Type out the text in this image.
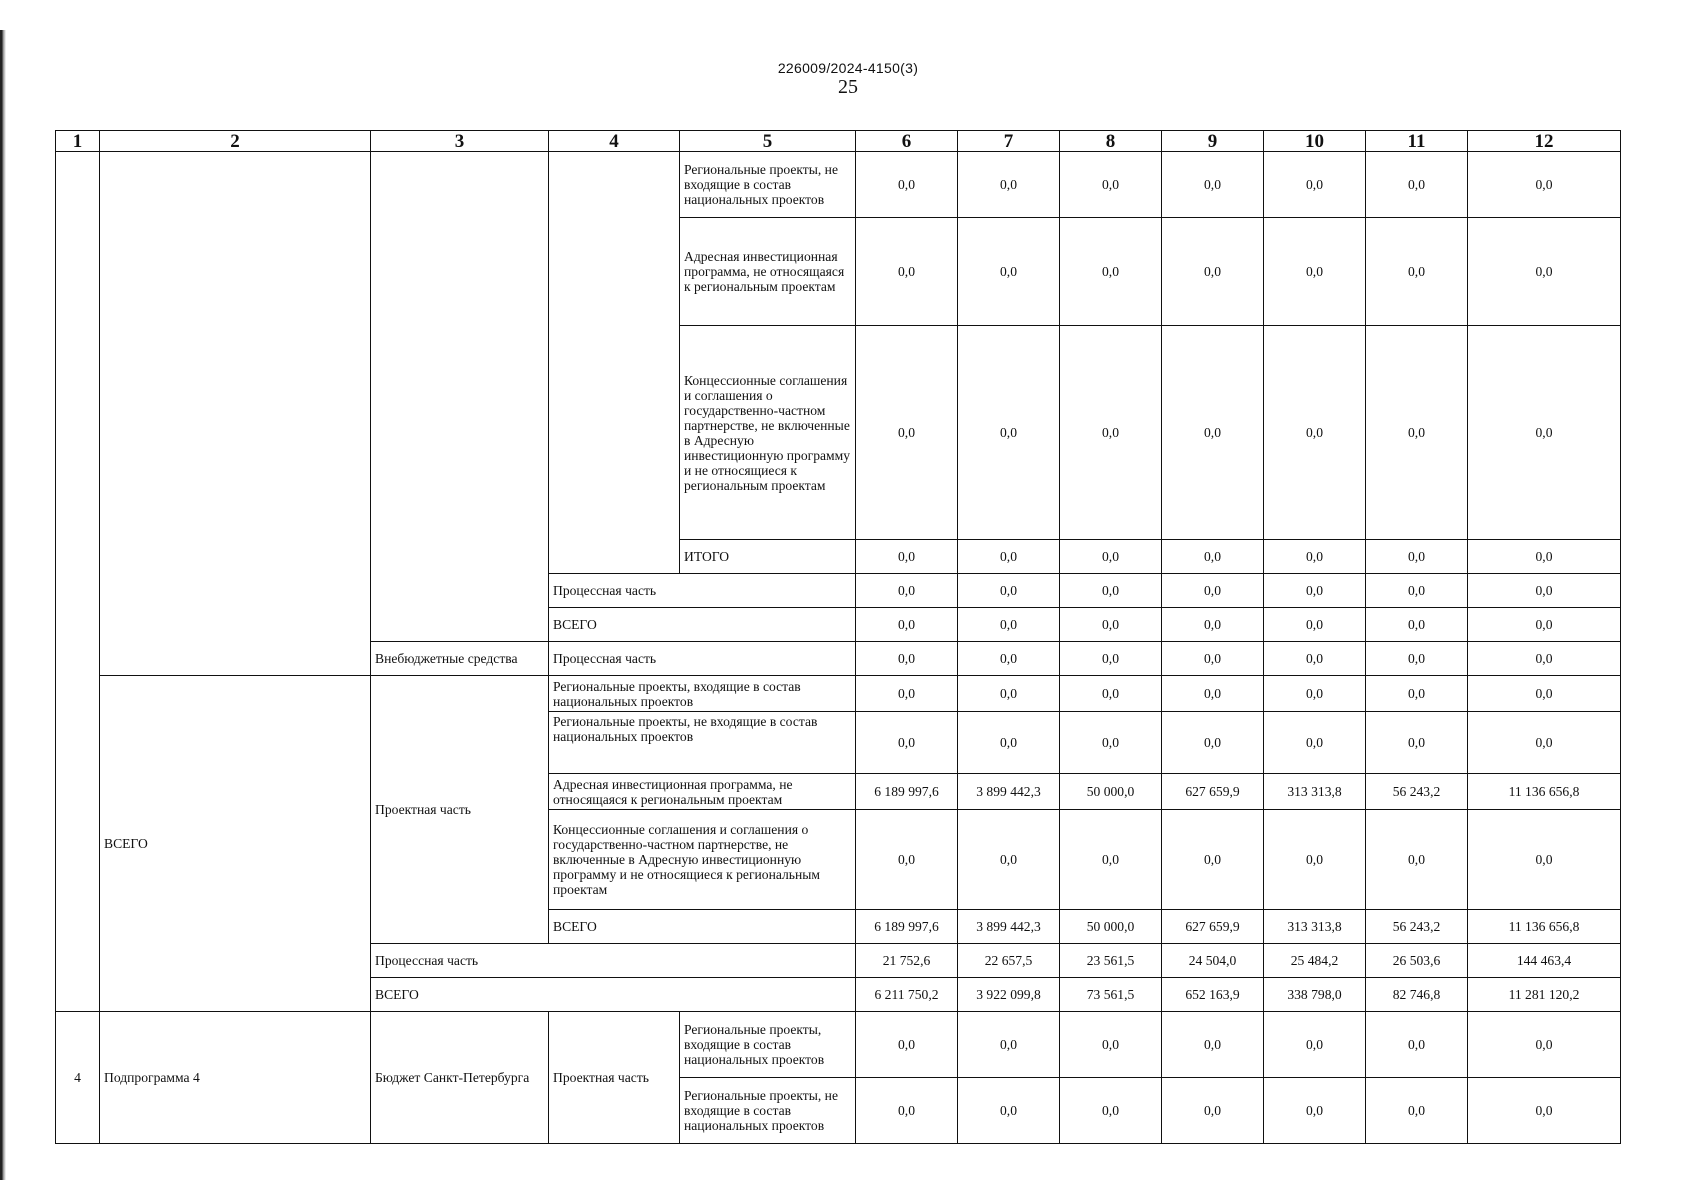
226009/2024-4150(3)
25
1	2	3	4	5	6	7	8	9	10	11	12
				Региональные проекты, не входящие в состав национальных проектов	0,0	0,0	0,0	0,0	0,0	0,0	0,0
				Адресная инвестиционная программа, не относящаяся к региональным проектам	0,0	0,0	0,0	0,0	0,0	0,0	0,0
				Концессионные соглашения и соглашения о государственно-частном партнерстве, не включенные в Адресную инвестиционную программу и не относящиеся к региональным проектам	0,0	0,0	0,0	0,0	0,0	0,0	0,0
				ИТОГО	0,0	0,0	0,0	0,0	0,0	0,0	0,0
			Процессная часть		0,0	0,0	0,0	0,0	0,0	0,0	0,0
			ВСЕГО		0,0	0,0	0,0	0,0	0,0	0,0	0,0
		Внебюджетные средства	Процессная часть		0,0	0,0	0,0	0,0	0,0	0,0	0,0
	ВСЕГО	Проектная часть	Региональные проекты, входящие в состав национальных проектов		0,0	0,0	0,0	0,0	0,0	0,0	0,0
			Региональные проекты, не входящие в состав национальных проектов		0,0	0,0	0,0	0,0	0,0	0,0	0,0
			Адресная инвестиционная программа, не относящаяся к региональным проектам		6 189 997,6	3 899 442,3	50 000,0	627 659,9	313 313,8	56 243,2	11 136 656,8
			Концессионные соглашения и соглашения о государственно-частном партнерстве, не включенные в Адресную инвестиционную программу и не относящиеся к региональным проектам		0,0	0,0	0,0	0,0	0,0	0,0	0,0
			ВСЕГО		6 189 997,6	3 899 442,3	50 000,0	627 659,9	313 313,8	56 243,2	11 136 656,8
		Процессная часть			21 752,6	22 657,5	23 561,5	24 504,0	25 484,2	26 503,6	144 463,4
		ВСЕГО			6 211 750,2	3 922 099,8	73 561,5	652 163,9	338 798,0	82 746,8	11 281 120,2
4	Подпрограмма 4	Бюджет Санкт-Петербурга	Проектная часть	Региональные проекты, входящие в состав национальных проектов	0,0	0,0	0,0	0,0	0,0	0,0	0,0
				Региональные проекты, не входящие в состав национальных проектов	0,0	0,0	0,0	0,0	0,0	0,0	0,0
